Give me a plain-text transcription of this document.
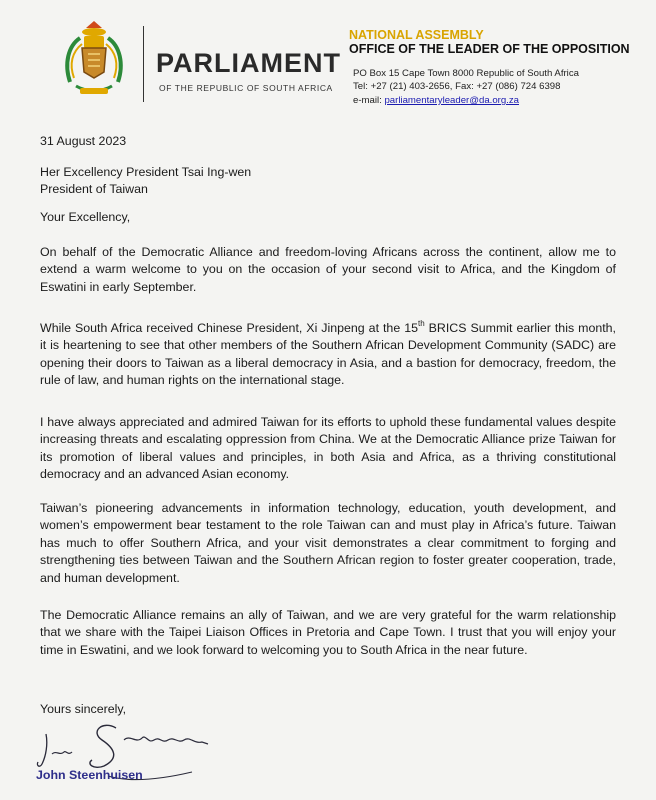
PARLIAMENT
OF THE REPUBLIC OF SOUTH AFRICA
NATIONAL ASSEMBLY
OFFICE OF THE LEADER OF THE OPPOSITION
PO Box 15 Cape Town 8000 Republic of South Africa
Tel: +27 (21) 403-2656, Fax: +27 (086) 724 6398
e-mail: parliamentaryleader@da.org.za
31 August 2023
Her Excellency President Tsai Ing-wen
President of Taiwan
Your Excellency,
On behalf of the Democratic Alliance and freedom-loving Africans across the continent, allow me to extend a warm welcome to you on the occasion of your second visit to Africa, and the Kingdom of Eswatini in early September.
While South Africa received Chinese President, Xi Jinpeng at the 15th BRICS Summit earlier this month, it is heartening to see that other members of the Southern African Development Community (SADC) are opening their doors to Taiwan as a liberal democracy in Asia, and a bastion for democracy, freedom, the rule of law, and human rights on the international stage.
I have always appreciated and admired Taiwan for its efforts to uphold these fundamental values despite increasing threats and escalating oppression from China. We at the Democratic Alliance prize Taiwan for its promotion of liberal values and principles, in both Asia and Africa, as a thriving constitutional democracy and an advanced Asian economy.
Taiwan’s pioneering advancements in information technology, education, youth development, and women’s empowerment bear testament to the role Taiwan can and must play in Africa’s future. Taiwan has much to offer Southern Africa, and your visit demonstrates a clear commitment to forging and strengthening ties between Taiwan and the Southern African region to foster greater cooperation, trade, and human development.
The Democratic Alliance remains an ally of Taiwan, and we are very grateful for the warm relationship that we share with the Taipei Liaison Offices in Pretoria and Cape Town. I trust that you will enjoy your time in Eswatini, and we look forward to welcoming you to South Africa in the near future.
Yours sincerely,
John Steenhuisen
